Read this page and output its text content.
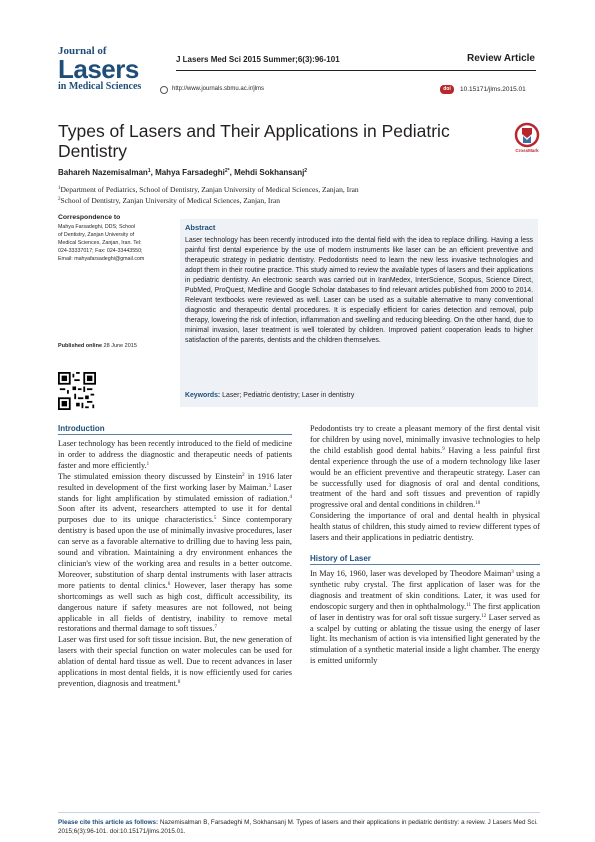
Journal of
Lasers
in Medical Sciences
J Lasers Med Sci 2015 Summer;6(3):96-101	Review Article
http://www.journals.sbmu.ac.ir/jlms	doi	10.15171/jlms.2015.01
Types of Lasers and Their Applications in Pediatric Dentistry	CrossMark
Bahareh Nazemisalman$^1$, Mahya Farsadeghi$^{2*}$, Mehdi Sokhansanj$^2$
$^1$Department of Pediatrics, School of Dentistry, Zanjan University of Medical Sciences, Zanjan, Iran
$^2$School of Dentistry, Zanjan University of Medical Sciences, Zanjan, Iran
Correspondence to
Mahya Farsadeghi, DDS; School
of Dentistry, Zanjan University of
Medical Sciences, Zanjan, Iran. Tel:
024-33337017; Fax: 024-33443550;
Email: mahyafarsadeghi@gmail.com
Published online 28 June 2015
Abstract
Laser technology has been recently introduced into the dental field with the idea to replace drilling. Having a less painful first dental experience by the use of modern instruments like laser can be an efficient preventive and therapeutic strategy in pediatric dentistry. Pedodontists need to learn the new less invasive technologies and adopt them in their routine practice. This study aimed to review the available types of lasers and their applications in pediatric dentistry. An electronic search was carried out in IranMedex, InterScience, Scopus, Science Direct, PubMed, ProQuest, Medline and Google Scholar databases to find relevant articles published from 2000 to 2014. Relevant textbooks were reviewed as well. Laser can be used as a suitable alternative to many conventional diagnostic and therapeutic dental procedures. It is especially efficient for caries detection and removal, pulp therapy, lowering the risk of infection, inflammation and swelling and reducing bleeding. On the other hand, due to minimal invasion, laser treatment is well tolerated by children. Improved patient cooperation leads to higher satisfaction of the parents, dentists and the children themselves.
Keywords: Laser; Pediatric dentistry; Laser in dentistry
Introduction

Laser technology has been recently introduced to the field of medicine in order to address the diagnostic and therapeutic needs of patients faster and more efficiently.$^1$

The stimulated emission theory discussed by Einstein$^2$ in 1916 later resulted in development of the first working laser by Maiman.$^3$ Laser stands for light amplification by stimulated emission of radiation.$^4$ Soon after its advent, researchers attempted to use it for dental purposes due to its unique characteristics.$^5$ Since contemporary dentistry is based upon the use of minimally invasive procedures, laser can serve as a favorable alternative to drilling due to having less pain, sound and vibration. Maintaining a dry environment enhances the clinician's view of the working area and results in a better outcome. Moreover, substitution of sharp dental instruments with laser attracts more patients to dental clinics.$^6$ However, laser therapy has some shortcomings as well such as high cost, difficult accessibility, its dangerous nature if safety measures are not followed, not being applicable in all fields of dentistry, inability to remove metal restorations and thermal damage to soft tissues.$^7$

Laser was first used for soft tissue incision. But, the new generation of lasers with their special function on water molecules can be used for ablation of dental hard tissue as well. Due to recent advances in laser applications in most dental fields, it is now efficiently used for caries prevention, diagnosis and treatment.$^8$

Pedodontists try to create a pleasant memory of the first dental visit for children by using novel, minimally invasive technologies to help the child establish good dental habits.$^9$ Having a less painful first dental experience through the use of a modern technology like laser would be an efficient preventive and therapeutic strategy. Laser can be successfully used for diagnosis of oral and dental conditions, treatment of the hard and soft tissues and prevention of rapidly progressive oral and dental conditions in children.$^{10}$

Considering the importance of oral and dental health in physical health status of children, this study aimed to review different types of lasers and their applications in pediatric dentistry.

History of Laser

In May 16, 1960, laser was developed by Theodore Maiman$^3$ using a synthetic ruby crystal. The first application of laser was for the diagnosis and treatment of skin conditions. Later, it was used for endoscopic surgery and then in ophthalmology.$^{11}$ The first application of laser in dentistry was for oral soft tissue surgery.$^{12}$ Laser served as a scalpel by cutting or ablating the tissue using the energy of laser light. Its mechanism of action is via intensified light generated by the stimulation of a synthetic material inside a light chamber. The energy is emitted uniformly

Please cite this article as follows: Nazemisalman B, Farsadeghi M, Sokhansanj M. Types of lasers and their applications in pediatric dentistry: a review. J Lasers Med Sci. 2015;6(3):96-101. doi:10.15171/jlms.2015.01.
